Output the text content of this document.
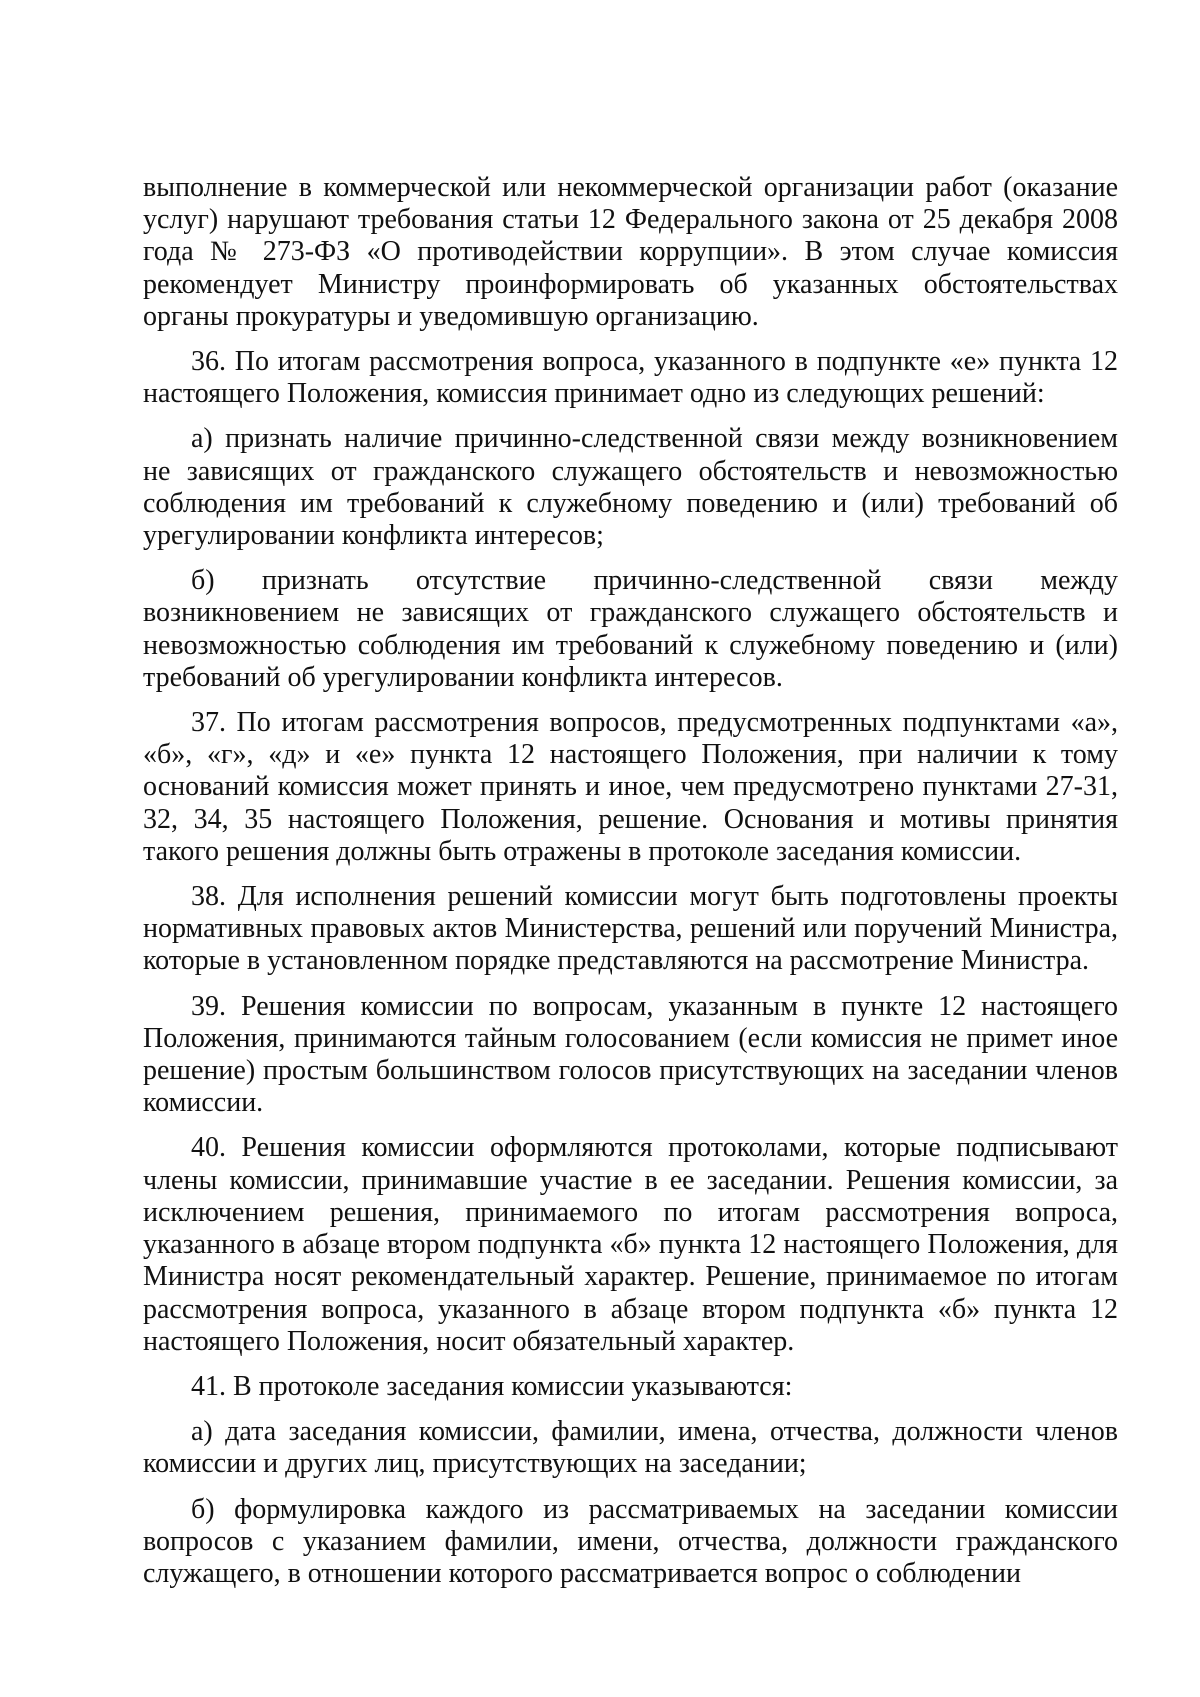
выполнение в коммерческой или некоммерческой организации работ (оказание услуг) нарушают требования статьи 12 Федерального закона от 25 декабря 2008 года № 273-ФЗ «О противодействии коррупции». В этом случае комиссия рекомендует Министру проинформировать об указанных обстоятельствах органы прокуратуры и уведомившую организацию.

36. По итогам рассмотрения вопроса, указанного в подпункте «е» пункта 12 настоящего Положения, комиссия принимает одно из следующих решений:

а) признать наличие причинно-следственной связи между возникновением не зависящих от гражданского служащего обстоятельств и невозможностью соблюдения им требований к служебному поведению и (или) требований об урегулировании конфликта интересов;

б) признать отсутствие причинно-следственной связи между возникновением не зависящих от гражданского служащего обстоятельств и невозможностью соблюдения им требований к служебному поведению и (или) требований об урегулировании конфликта интересов.

37. По итогам рассмотрения вопросов, предусмотренных подпунктами «а», «б», «г», «д» и «е» пункта 12 настоящего Положения, при наличии к тому оснований комиссия может принять и иное, чем предусмотрено пунктами 27-31, 32, 34, 35 настоящего Положения, решение. Основания и мотивы принятия такого решения должны быть отражены в протоколе заседания комиссии.

38. Для исполнения решений комиссии могут быть подготовлены проекты нормативных правовых актов Министерства, решений или поручений Министра, которые в установленном порядке представляются на рассмотрение Министра.

39. Решения комиссии по вопросам, указанным в пункте 12 настоящего Положения, принимаются тайным голосованием (если комиссия не примет иное решение) простым большинством голосов присутствующих на заседании членов комиссии.

40. Решения комиссии оформляются протоколами, которые подписывают члены комиссии, принимавшие участие в ее заседании. Решения комиссии, за исключением решения, принимаемого по итогам рассмотрения вопроса, указанного в абзаце втором подпункта «б» пункта 12 настоящего Положения, для Министра носят рекомендательный характер. Решение, принимаемое по итогам рассмотрения вопроса, указанного в абзаце втором подпункта «б» пункта 12 настоящего Положения, носит обязательный характер.

41. В протоколе заседания комиссии указываются:

а) дата заседания комиссии, фамилии, имена, отчества, должности членов комиссии и других лиц, присутствующих на заседании;

б) формулировка каждого из рассматриваемых на заседании комиссии вопросов с указанием фамилии, имени, отчества, должности гражданского служащего, в отношении которого рассматривается вопрос о соблюдении
